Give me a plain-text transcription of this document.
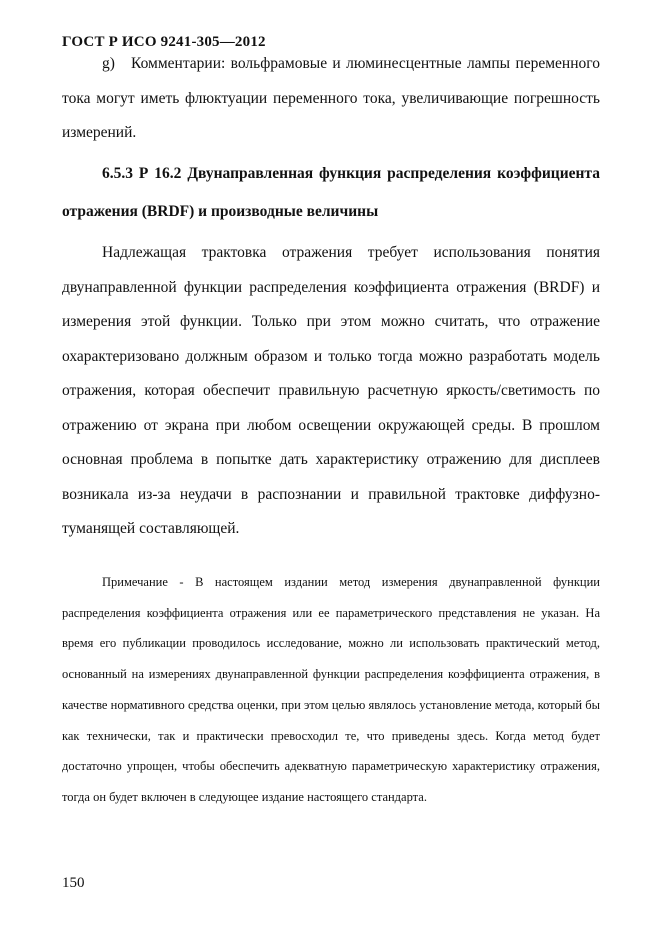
ГОСТ Р ИСО 9241-305—2012

g)   Комментарии: вольфрамовые и люминесцентные лампы переменного тока могут иметь флюктуации переменного тока, увеличивающие погрешность измерений.

6.5.3 Р 16.2 Двунаправленная функция распределения коэффициента отражения (BRDF) и производные величины

Надлежащая трактовка отражения требует использования понятия двунаправленной функции распределения коэффициента отражения (BRDF) и измерения этой функции. Только при этом можно считать, что отражение охарактеризовано должным образом и только тогда можно разработать модель отражения, которая обеспечит правильную расчетную яркость/светимость по отражению от экрана при любом освещении окружающей среды. В прошлом основная проблема в попытке дать характеристику отражению для дисплеев возникала из-за неудачи в распознании и правильной трактовке диффузно-туманящей составляющей.

Примечание - В настоящем издании метод измерения двунаправленной функции распределения коэффициента отражения или ее параметрического представления не указан. На время его публикации проводилось исследование, можно ли использовать практический метод, основанный на измерениях двунаправленной функции распределения коэффициента отражения, в качестве нормативного средства оценки, при этом целью являлось установление метода, который бы как технически, так и практически превосходил те, что приведены здесь. Когда метод будет достаточно упрощен, чтобы обеспечить адекватную параметрическую характеристику отражения, тогда он будет включен в следующее издание настоящего стандарта.

150
